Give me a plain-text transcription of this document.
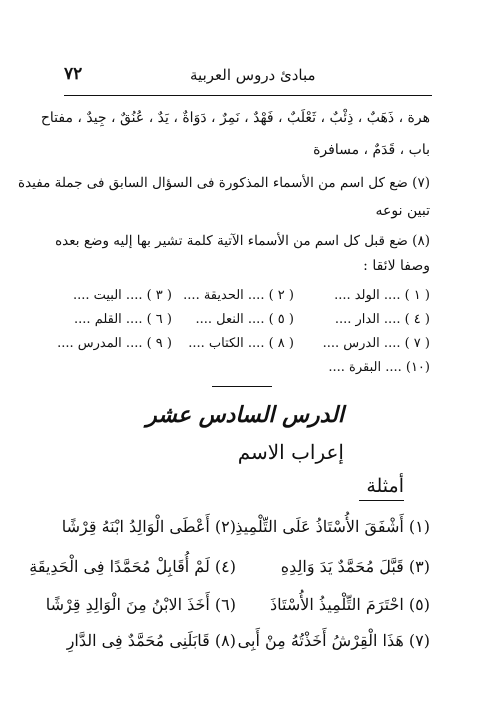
٧٢	مبادئ دروس العربية
هرة ، ذَهَبٌ ، ذِئْبٌ ، ثَعْلَبٌ ، فَهْدٌ ، نَمِرٌ ، دَوَاةٌ ، يَدٌ ، عُنُقٌ ، جِيدٌ ، مفتاح
باب ، قَدَمٌ ، مسافرة
(٧) ضع كل اسم من الأسماء المذكورة فى السؤال السابق فى جملة مفيدة
تبين نوعه
(٨) ضع قبل كل اسم من الأسماء الآتية كلمة تشير بها إليه وضع بعده
وصفا لائقا :
( ١ ) .... الولد ....
( ٢ ) .... الحديقة ....
( ٣ ) .... البيت ....
( ٤ ) .... الدار ....
( ٥ ) .... النعل ....
( ٦ ) .... القلم ....
( ٧ ) .... الدرس ....
( ٨ ) .... الكتاب ....
( ٩ ) .... المدرس ....
(١٠) .... البقرة ....
الدرس السادس عشر
إعراب الاسم
أمثلة
(١) أَشْفَقَ الأُسْتَاذُ عَلَى التِّلْمِيذِ
(٢) أَعْطَى الْوَالِدُ ابْنَهُ قِرْشًا
(٣) قَبَّلَ مُحَمَّدٌ يَدَ وَالِدِهِ
(٤) لَمْ أُقَابِلْ مُحَمَّدًا فِى الْحَدِيقَةِ
(٥) احْتَرَمَ التِّلْمِيذُ الأُسْتَاذَ
(٦) أَخَذَ الابْنُ مِنَ الْوَالِدِ قِرْشًا
(٧) هَذَا الْقِرْشُ أَخَذْتُهُ مِنْ أَبِى
(٨) قَابَلَنِى مُحَمَّدٌ فِى الدَّارِ
